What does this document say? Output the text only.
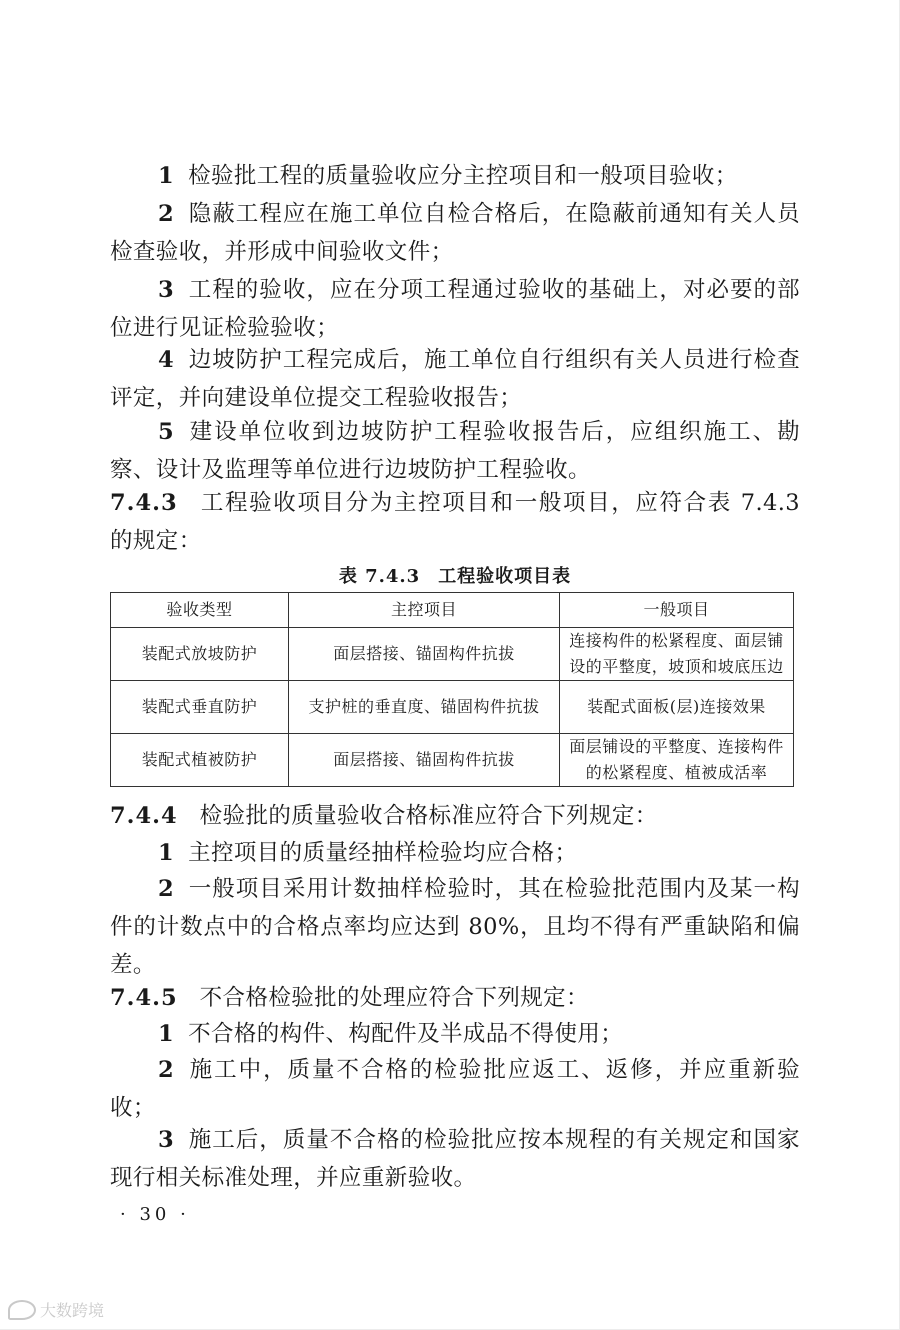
1 检验批工程的质量验收应分主控项目和一般项目验收；

2 隐蔽工程应在施工单位自检合格后，在隐蔽前通知有关人员检查验收，并形成中间验收文件；

3 工程的验收，应在分项工程通过验收的基础上，对必要的部位进行见证检验验收；

4 边坡防护工程完成后，施工单位自行组织有关人员进行检查评定，并向建设单位提交工程验收报告；

5 建设单位收到边坡防护工程验收报告后，应组织施工、勘察、设计及监理等单位进行边坡防护工程验收。

7.4.3 工程验收项目分为主控项目和一般项目，应符合表 7.4.3 的规定：

表 7.4.3 工程验收项目表
验收类型	主控项目	一般项目
装配式放坡防护	面层搭接、锚固构件抗拔	连接构件的松紧程度、面层铺设的平整度，坡顶和坡底压边
装配式垂直防护	支护桩的垂直度、锚固构件抗拔	装配式面板(层)连接效果
装配式植被防护	面层搭接、锚固构件抗拔	面层铺设的平整度、连接构件的松紧程度、植被成活率

7.4.4 检验批的质量验收合格标准应符合下列规定：

1 主控项目的质量经抽样检验均应合格；

2 一般项目采用计数抽样检验时，其在检验批范围内及某一构件的计数点中的合格点率均应达到 80%，且均不得有严重缺陷和偏差。

7.4.5 不合格检验批的处理应符合下列规定：

1 不合格的构件、构配件及半成品不得使用；

2 施工中，质量不合格的检验批应返工、返修，并应重新验收；

3 施工后，质量不合格的检验批应按本规程的有关规定和国家现行相关标准处理，并应重新验收。

· 30 ·
大数跨境
